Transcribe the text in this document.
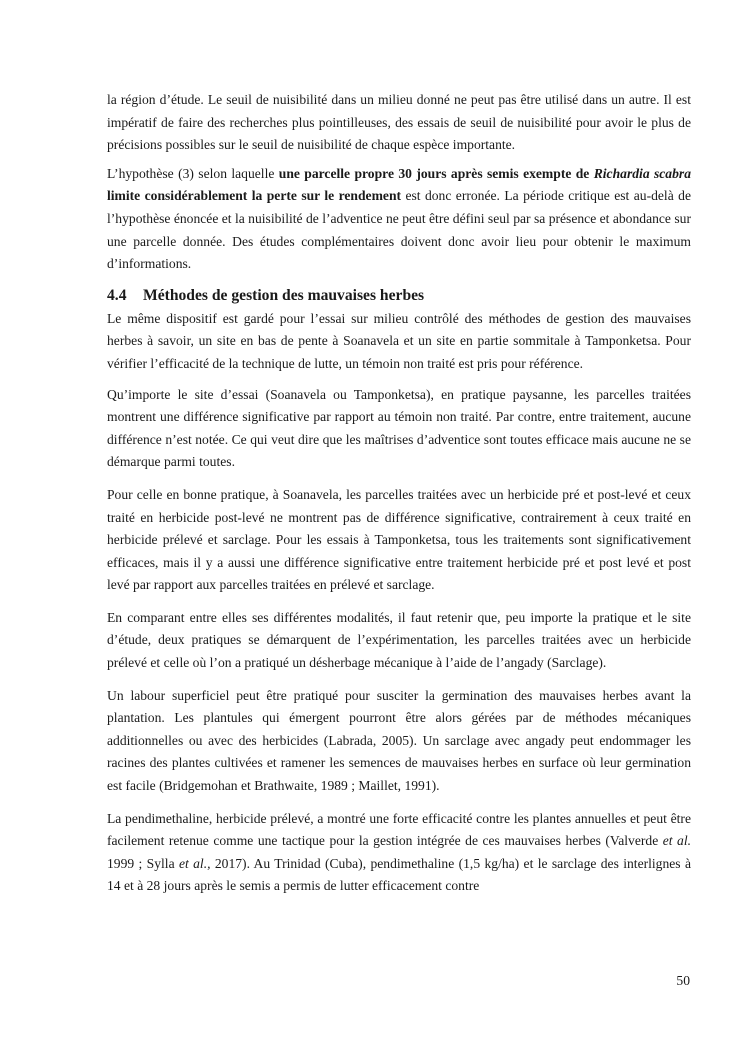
la région d’étude. Le seuil de nuisibilité dans un milieu donné ne peut pas être utilisé dans un autre. Il est impératif de faire des recherches plus pointilleuses, des essais de seuil de nuisibilité pour avoir le plus de précisions possibles sur le seuil de nuisibilité de chaque espèce importante.

L’hypothèse (3) selon laquelle une parcelle propre 30 jours après semis exempte de Richardia scabra limite considérablement la perte sur le rendement est donc erronée. La période critique est au-delà de l’hypothèse énoncée et la nuisibilité de l’adventice ne peut être défini seul par sa présence et abondance sur une parcelle donnée. Des études complémentaires doivent donc avoir lieu pour obtenir le maximum d’informations.

4.4 Méthodes de gestion des mauvaises herbes

Le même dispositif est gardé pour l’essai sur milieu contrôlé des méthodes de gestion des mauvaises herbes à savoir, un site en bas de pente à Soanavela et un site en partie sommitale à Tamponketsa. Pour vérifier l’efficacité de la technique de lutte, un témoin non traité est pris pour référence.

Qu’importe le site d’essai (Soanavela ou Tamponketsa), en pratique paysanne, les parcelles traitées montrent une différence significative par rapport au témoin non traité. Par contre, entre traitement, aucune différence n’est notée. Ce qui veut dire que les maîtrises d’adventice sont toutes efficace mais aucune ne se démarque parmi toutes.

Pour celle en bonne pratique, à Soanavela, les parcelles traitées avec un herbicide pré et post-levé et ceux traité en herbicide post-levé ne montrent pas de différence significative, contrairement à ceux traité en herbicide prélevé et sarclage. Pour les essais à Tamponketsa, tous les traitements sont significativement efficaces, mais il y a aussi une différence significative entre traitement herbicide pré et post levé et post levé par rapport aux parcelles traitées en prélevé et sarclage.

En comparant entre elles ses différentes modalités, il faut retenir que, peu importe la pratique et le site d’étude, deux pratiques se démarquent de l’expérimentation, les parcelles traitées avec un herbicide prélevé et celle où l’on a pratiqué un désherbage mécanique à l’aide de l’angady (Sarclage).

Un labour superficiel peut être pratiqué pour susciter la germination des mauvaises herbes avant la plantation. Les plantules qui émergent pourront être alors gérées par de méthodes mécaniques additionnelles ou avec des herbicides (Labrada, 2005). Un sarclage avec angady peut endommager les racines des plantes cultivées et ramener les semences de mauvaises herbes en surface où leur germination est facile (Bridgemohan et Brathwaite, 1989 ; Maillet, 1991).

La pendimethaline, herbicide prélevé, a montré une forte efficacité contre les plantes annuelles et peut être facilement retenue comme une tactique pour la gestion intégrée de ces mauvaises herbes (Valverde et al. 1999 ; Sylla et al., 2017). Au Trinidad (Cuba), pendimethaline (1,5 kg/ha) et le sarclage des interlignes à 14 et à 28 jours après le semis a permis de lutter efficacement contre

50
